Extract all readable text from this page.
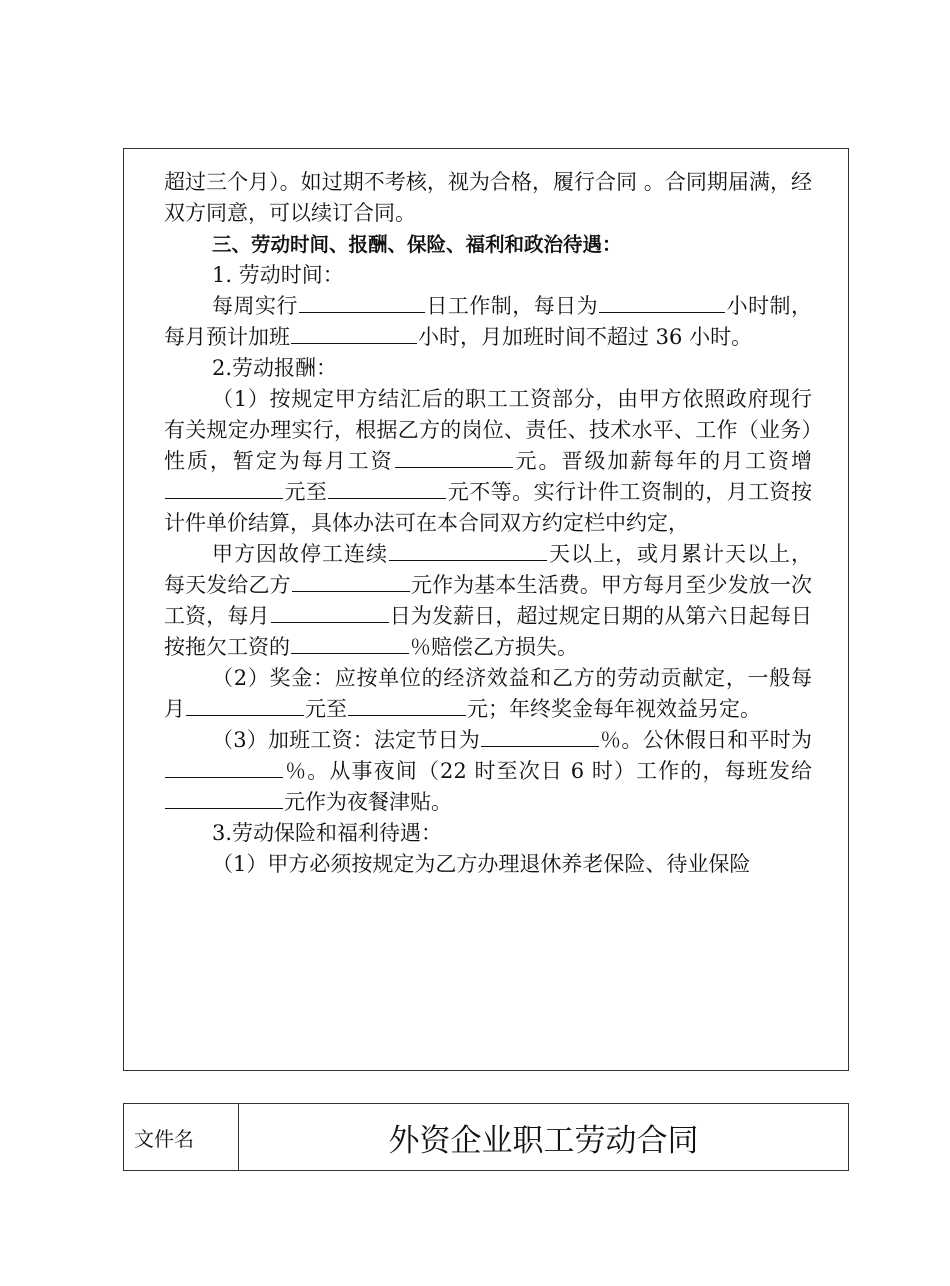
超过三个月）。如过期不考核，视为合格，履行合同 。合同期届满，经双方同意，可以续订合同。

三、劳动时间、报酬、保险、福利和政治待遇：

1. 劳动时间：

每周实行	日工作制，每日为	小时制，每月预计加班	小时，月加班时间不超过 36 小时。

2.劳动报酬：

（1）按规定甲方结汇后的职工工资部分，由甲方依照政府现行有关规定办理实行，根据乙方的岗位、责任、技术水平、工作（业务）性质，暂定为每月工资	元。晋级加薪每年的月工资增元至	元不等。实行计件工资制的，月工资按计件单价结算，具体办法可在本合同双方约定栏中约定，

甲方因故停工连续	天以上，或月累计天以上，每天发给乙方	元作为基本生活费。甲方每月至少发放一次工资，每月	日为发薪日，超过规定日期的从第六日起每日按拖欠工资的	％赔偿乙方损失。

（2）奖金：应按单位的经济效益和乙方的劳动贡献定，一般每月	元至	元；年终奖金每年视效益另定。

（3）加班工资：法定节日为	％。公休假日和平时为％。从事夜间（22 时至次日 6 时）工作的，每班发给元作为夜餐津贴。

3.劳动保险和福利待遇：

（1）甲方必须按规定为乙方办理退休养老保险、待业保险

文件名	外资企业职工劳动合同
